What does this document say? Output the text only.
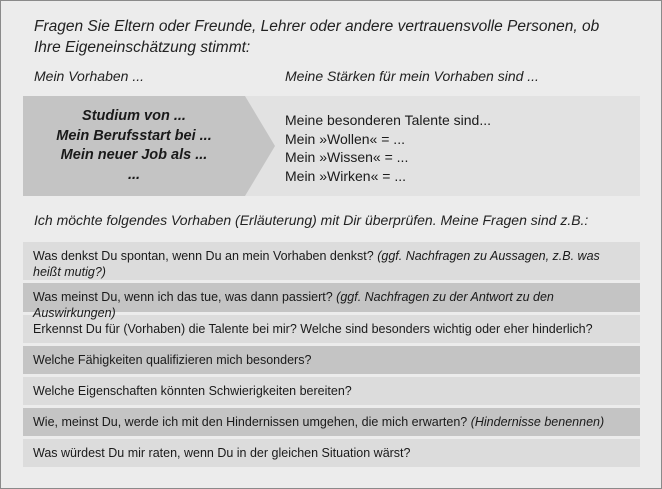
Fragen Sie Eltern oder Freunde, Lehrer oder andere vertrauensvolle Personen, ob
Ihre Eigeneinschätzung stimmt:
Mein Vorhaben ...	Meine Stärken für mein Vorhaben sind ...
Studium von ...
Mein Berufsstart bei ...
Mein neuer Job als ...
...
Meine besonderen Talente sind...
Mein »Wollen« = ...
Mein »Wissen« = ...
Mein »Wirken« = ...
Ich möchte folgendes Vorhaben (Erläuterung) mit Dir überprüfen. Meine Fragen sind z.B.:
Was denkst Du spontan, wenn Du an mein Vorhaben denkst? (ggf. Nachfragen zu Aussagen, z.B. was heißt mutig?)
Was meinst Du, wenn ich das tue, was dann passiert? (ggf. Nachfragen zu der Antwort zu den Auswirkungen)
Erkennst Du für (Vorhaben) die Talente bei mir? Welche sind besonders wichtig oder eher hinderlich?
Welche Fähigkeiten qualifizieren mich besonders?
Welche Eigenschaften könnten Schwierigkeiten bereiten?
Wie, meinst Du, werde ich mit den Hindernissen umgehen, die mich erwarten? (Hindernisse benennen)
Was würdest Du mir raten, wenn Du in der gleichen Situation wärst?
